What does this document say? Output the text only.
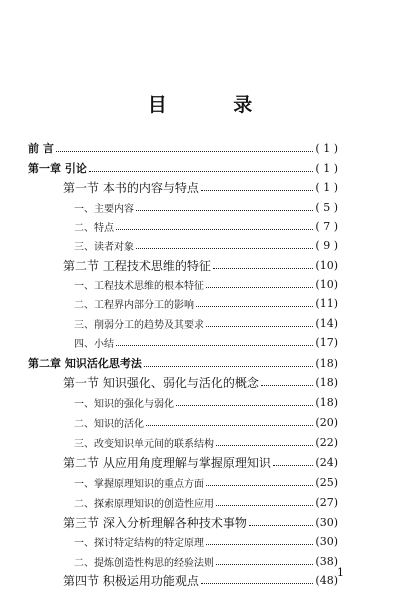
目 录
前 言	( 1 )
第一章 引论	( 1 )
第一节 本书的内容与特点	( 1 )
一、主要内容	( 5 )
二、特点	( 7 )
三、读者对象	( 9 )
第二节 工程技术思维的特征	(10)
一、工程技术思维的根本特征	(10)
二、工程界内部分工的影响	(11)
三、削弱分工的趋势及其要求	(14)
四、小结	(17)
第二章 知识活化思考法	(18)
第一节 知识强化、弱化与活化的概念	(18)
一、知识的强化与弱化	(18)
二、知识的活化	(20)
三、改变知识单元间的联系结构	(22)
第二节 从应用角度理解与掌握原理知识	(24)
一、掌握原理知识的重点方面	(25)
二、探索原理知识的创造性应用	(27)
第三节 深入分析理解各种技术事物	(30)
一、探讨特定结构的特定原理	(30)
二、提炼创造性构思的经验法则	(38)
第四节 积极运用功能观点	(48)
1
